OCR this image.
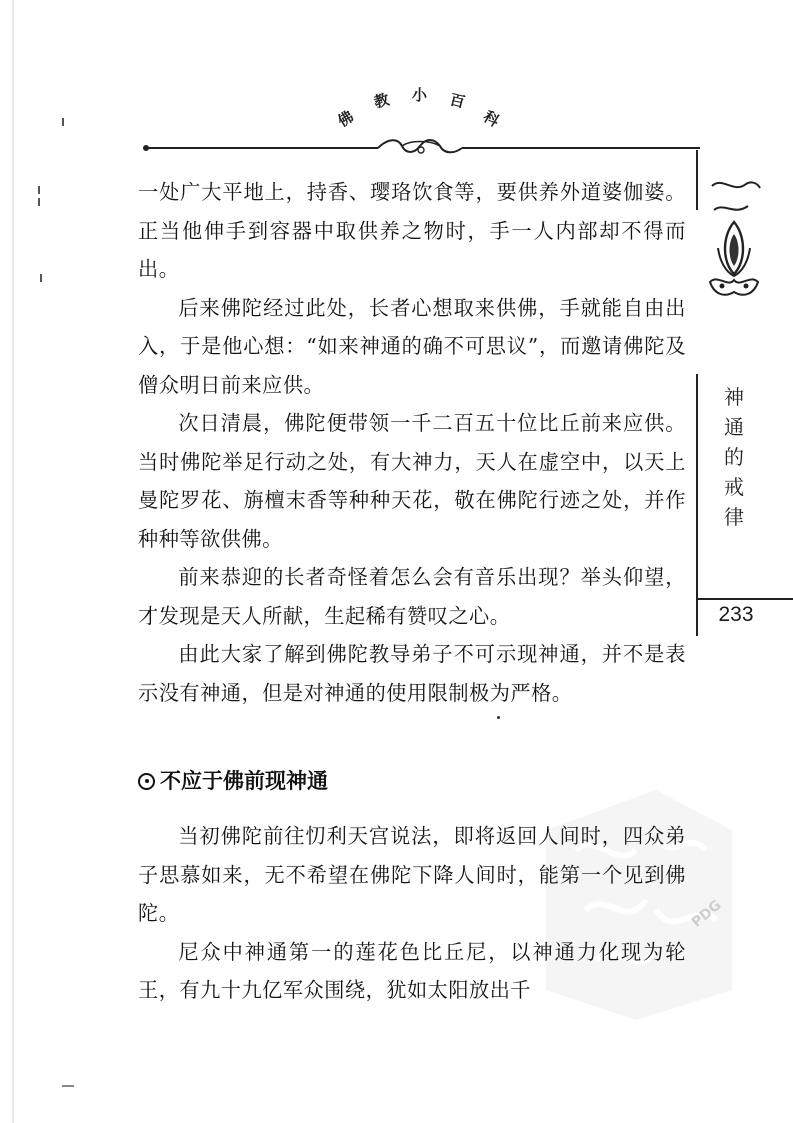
佛
教 小 百
科
神
通
的
戒
律
233

一处广大平地上，持香、璎珞饮食等，要供养外道婆伽婆。正当他伸手到容器中取供养之物时，手一人内部却不得而出。

后来佛陀经过此处，长者心想取来供佛，手就能自由出入，于是他心想：“如来神通的确不可思议”，而邀请佛陀及僧众明日前来应供。

次日清晨，佛陀便带领一千二百五十位比丘前来应供。当时佛陀举足行动之处，有大神力，天人在虚空中，以天上曼陀罗花、旃檀末香等种种天花，敬在佛陀行迹之处，并作种种等欲供佛。

前来恭迎的长者奇怪着怎么会有音乐出现？举头仰望，才发现是天人所献，生起稀有赞叹之心。

由此大家了解到佛陀教导弟子不可示现神通，并不是表示没有神通，但是对神通的使用限制极为严格。

不应于佛前现神通
PDG

当初佛陀前往忉利天宫说法，即将返回人间时，四众弟子思慕如来，无不希望在佛陀下降人间时，能第一个见到佛陀。

尼众中神通第一的莲花色比丘尼，以神通力化现为轮王，有九十九亿军众围绕，犹如太阳放出千
